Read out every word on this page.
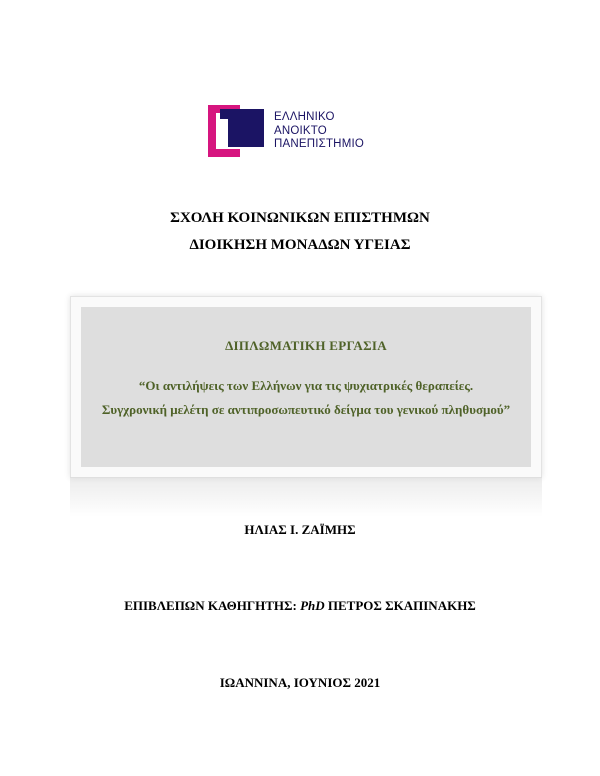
ΕΛΛΗΝΙΚΟ
ΑΝΟΙΚΤΟ
ΠΑΝΕΠΙΣΤΗΜΙΟ
ΣΧΟΛΗ ΚΟΙΝΩΝΙΚΩΝ ΕΠΙΣΤΗΜΩΝ
ΔΙΟΙΚΗΣΗ ΜΟΝΑΔΩΝ ΥΓΕΙΑΣ
ΔΙΠΛΩΜΑΤΙΚΗ ΕΡΓΑΣΙΑ
“Οι αντιλήψεις των Ελλήνων για τις ψυχιατρικές θεραπείες.
Συγχρονική μελέτη σε αντιπροσωπευτικό δείγμα του γενικού πληθυσμού”
ΗΛΙΑΣ Ι. ΖΑΪΜΗΣ
ΕΠΙΒΛΕΠΩΝ ΚΑΘΗΓΗΤΗΣ: PhD ΠΕΤΡΟΣ ΣΚΑΠΙΝΑΚΗΣ
ΙΩΑΝΝΙΝΑ, ΙΟΥΝΙΟΣ 2021
